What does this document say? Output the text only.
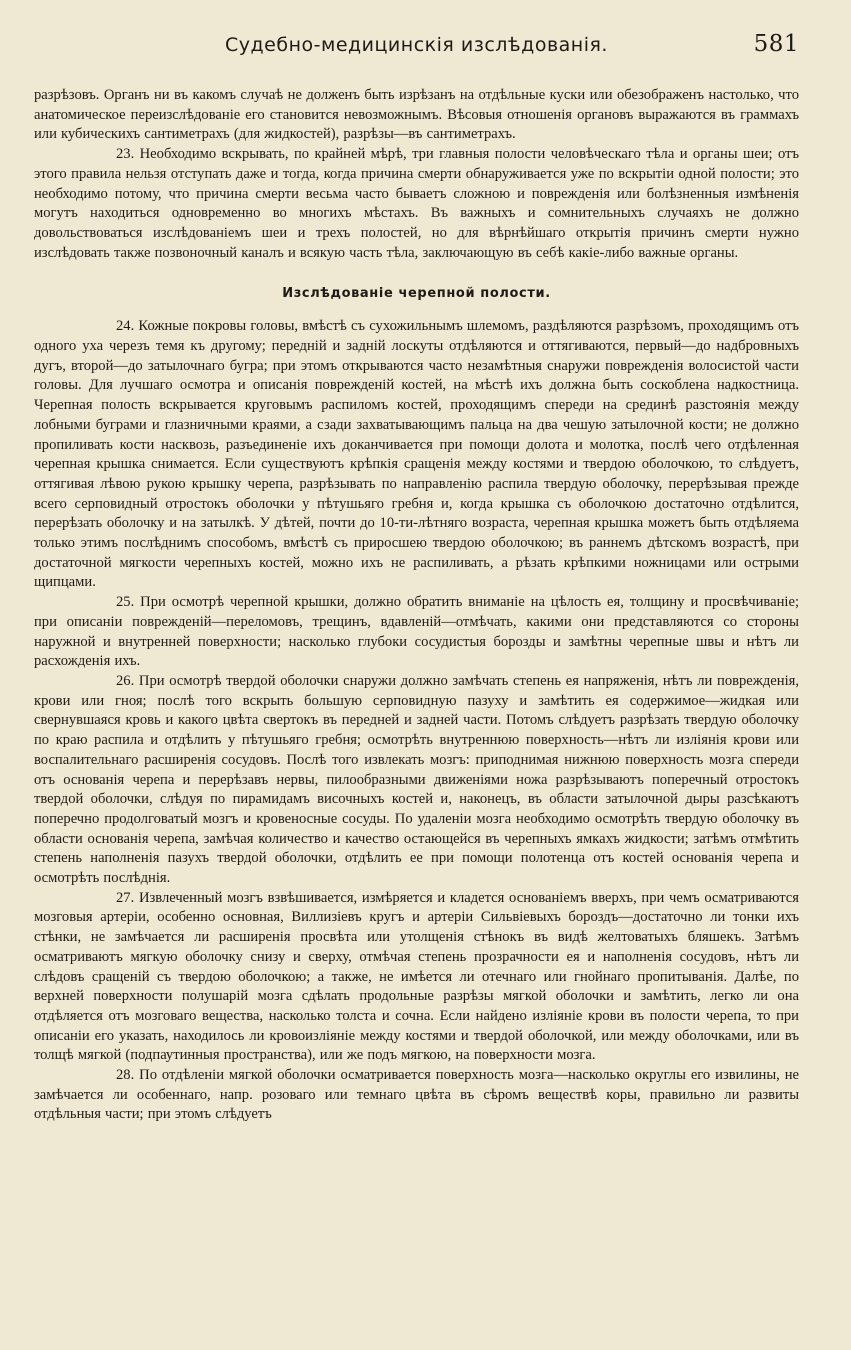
Судебно-медицинскія изслѣдованія.	581

разрѣзовъ. Органъ ни въ какомъ случаѣ не долженъ быть изрѣзанъ на отдѣльные куски или обезображенъ настолько, что анатомическое переизслѣдованіе его становится невозможнымъ. Вѣсовыя отношенія органовъ выражаются въ граммахъ или кубическихъ сантиметрахъ (для жидкостей), разрѣзы—въ сантиметрахъ.

23. Необходимо вскрывать, по крайней мѣрѣ, три главныя полости человѣческаго тѣла и органы шеи; отъ этого правила нельзя отступать даже и тогда, когда причина смерти обнаруживается уже по вскрытіи одной полости; это необходимо потому, что причина смерти весьма часто бываетъ сложною и поврежденія или болѣзненныя измѣненія могутъ находиться одновременно во многихъ мѣстахъ. Въ важныхъ и сомнительныхъ случаяхъ не должно довольствоваться изслѣдованіемъ шеи и трехъ полостей, но для вѣрнѣйшаго открытія причинъ смерти нужно изслѣдовать также позвоночный каналъ и всякую часть тѣла, заключающую въ себѣ какіе-либо важные органы.

Изслѣдованіе черепной полости.

24. Кожные покровы головы, вмѣстѣ съ сухожильнымъ шлемомъ, раздѣляются разрѣзомъ, проходящимъ отъ одного уха черезъ темя къ другому; передній и задній лоскуты отдѣляются и оттягиваются, первый—до надбровныхъ дугъ, второй—до затылочнаго бугра; при этомъ открываются часто незамѣтныя снаружи поврежденія волосистой части головы. Для лучшаго осмотра и описанія поврежденій костей, на мѣстѣ ихъ должна быть соскоблена надкостница. Черепная полость вскрывается круговымъ распиломъ костей, проходящимъ спереди на срединѣ разстоянія между лобными буграми и глазничными краями, а сзади захватывающимъ пальца на два чешую затылочной кости; не должно пропиливать кости насквозь, разъединеніе ихъ доканчивается при помощи долота и молотка, послѣ чего отдѣленная черепная крышка снимается. Если существуютъ крѣпкія сращенія между костями и твердою оболочкою, то слѣдуетъ, оттягивая лѣвою рукою крышку черепа, разрѣзывать по направленію распила твердую оболочку, перерѣзывая прежде всего серповидный отростокъ оболочки у пѣтушьяго гребня и, когда крышка съ оболочкою достаточно отдѣлится, перерѣзать оболочку и на затылкѣ. У дѣтей, почти до 10-ти-лѣтняго возраста, черепная крышка можетъ быть отдѣляема только этимъ послѣднимъ способомъ, вмѣстѣ съ приросшею твердою оболочкою; въ раннемъ дѣтскомъ возрастѣ, при достаточной мягкости черепныхъ костей, можно ихъ не распиливать, а рѣзать крѣпкими ножницами или острыми щипцами.

25. При осмотрѣ черепной крышки, должно обратить вниманіе на цѣлость ея, толщину и просвѣчиваніе; при описаніи поврежденій—переломовъ, трещинъ, вдавленій—отмѣчать, какими они представляются со стороны наружной и внутренней поверхности; насколько глубоки сосудистыя борозды и замѣтны черепные швы и нѣтъ ли расхожденія ихъ.

26. При осмотрѣ твердой оболочки снаружи должно замѣчать степень ея напряженія, нѣтъ ли поврежденія, крови или гноя; послѣ того вскрыть большую серповидную пазуху и замѣтить ея содержимое—жидкая или свернувшаяся кровь и какого цвѣта свертокъ въ передней и задней части. Потомъ слѣдуетъ разрѣзать твердую оболочку по краю распила и отдѣлить у пѣтушьяго гребня; осмотрѣть внутреннюю поверхность—нѣтъ ли изліянія крови или воспалительнаго расширенія сосудовъ. Послѣ того извлекать мозгъ: приподнимая нижнюю поверхность мозга спереди отъ основанія черепа и перерѣзавъ нервы, пилообразными движеніями ножа разрѣзываютъ поперечный отростокъ твердой оболочки, слѣдуя по пирамидамъ височныхъ костей и, наконецъ, въ области затылочной дыры разсѣкаютъ поперечно продолговатый мозгъ и кровеносные сосуды. По удаленіи мозга необходимо осмотрѣть твердую оболочку въ области основанія черепа, замѣчая количество и качество остающейся въ черепныхъ ямкахъ жидкости; затѣмъ отмѣтить степень наполненія пазухъ твердой оболочки, отдѣлить ее при помощи полотенца отъ костей основанія черепа и осмотрѣть послѣднія.

27. Извлеченный мозгъ взвѣшивается, измѣряется и кладется основаніемъ вверхъ, при чемъ осматриваются мозговыя артеріи, особенно основная, Виллизіевъ кругъ и артеріи Сильвіевыхъ бороздъ—достаточно ли тонки ихъ стѣнки, не замѣчается ли расширенія просвѣта или утолщенія стѣнокъ въ видѣ желтоватыхъ бляшекъ. Затѣмъ осматриваютъ мягкую оболочку снизу и сверху, отмѣчая степень прозрачности ея и наполненія сосудовъ, нѣтъ ли слѣдовъ сращеній съ твердою оболочкою; а также, не имѣется ли отечнаго или гнойнаго пропитыванія. Далѣе, по верхней поверхности полушарій мозга сдѣлать продольные разрѣзы мягкой оболочки и замѣтить, легко ли она отдѣляется отъ мозговаго вещества, насколько толста и сочна. Если найдено изліяніе крови въ полости черепа, то при описаніи его указать, находилось ли кровоизліяніе между костями и твердой оболочкой, или между оболочками, или въ толщѣ мягкой (подпаутинныя пространства), или же подъ мягкою, на поверхности мозга.

28. По отдѣленіи мягкой оболочки осматривается поверхность мозга—насколько округлы его извилины, не замѣчается ли особеннаго, напр. розоваго или темнаго цвѣта въ сѣромъ веществѣ коры, правильно ли развиты отдѣльныя части; при этомъ слѣдуетъ
